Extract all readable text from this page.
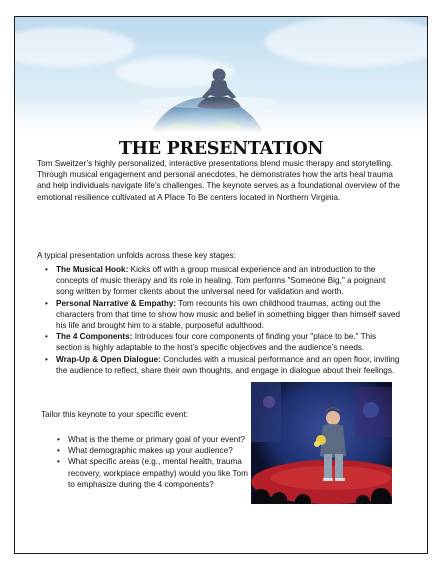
THE PRESENTATION

Tom Sweitzer’s highly personalized, interactive presentations blend music therapy and storytelling. Through musical engagement and personal anecdotes, he demonstrates how the arts heal trauma and help individuals navigate life’s challenges. The keynote serves as a foundational overview of the emotional resilience cultivated at A Place To Be centers located in Northern Virginia.

A typical presentation unfolds across these key stages:

• The Musical Hook: Kicks off with a group musical experience and an introduction to the concepts of music therapy and its role in healing. Tom performs "Someone Big," a poignant song written by former clients about the universal need for validation and worth.
• Personal Narrative & Empathy: Tom recounts his own childhood traumas, acting out the characters from that time to show how music and belief in something bigger than himself saved his life and brought him to a stable, purposeful adulthood.
• The 4 Components: Introduces four core components of finding your "place to be." This section is highly adaptable to the host’s specific objectives and the audience’s needs.
• Wrap-Up & Open Dialogue: Concludes with a musical performance and an open floor, inviting the audience to reflect, share their own thoughts, and engage in dialogue about their feelings.

Tailor this keynote to your specific event:

• What is the theme or primary goal of your event?
• What demographic makes up your audience?
• What specific areas (e.g., mental health, trauma recovery, workplace empathy) would you like Tom to emphasize during the 4 components?
